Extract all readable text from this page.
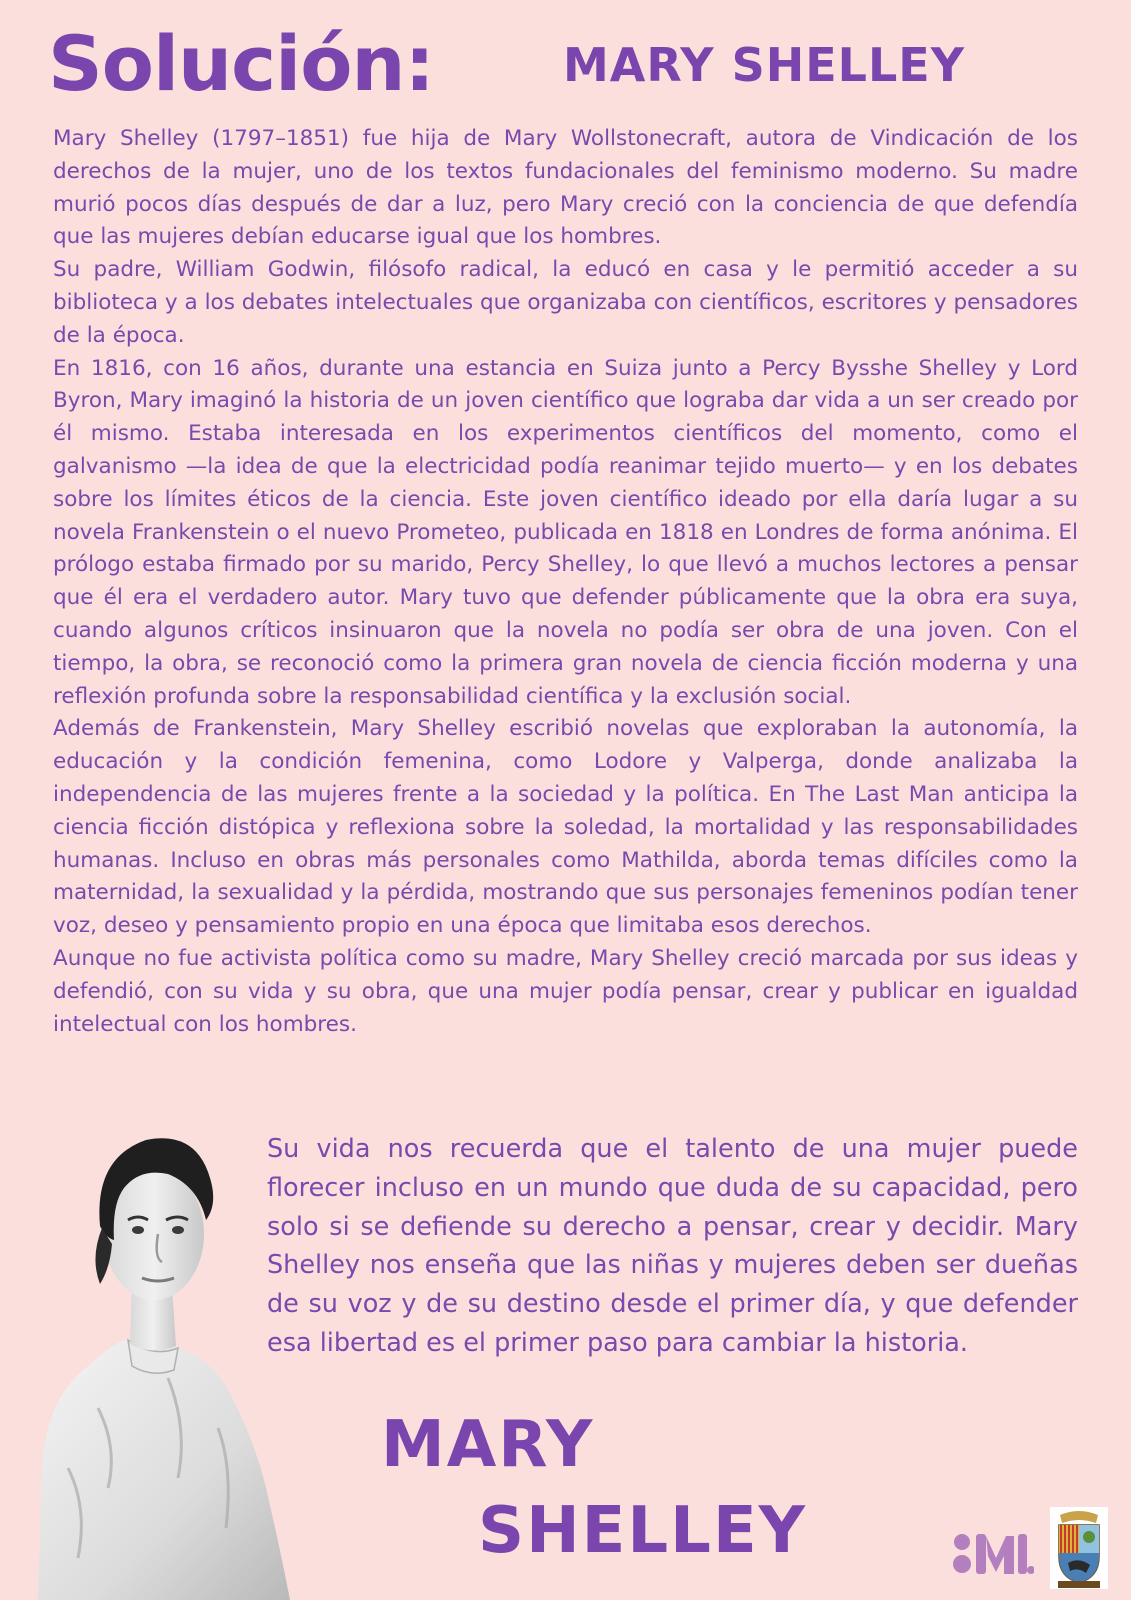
Solución:	MARY SHELLEY

Mary Shelley (1797–1851) fue hija de Mary Wollstonecraft, autora de Vindicación de los derechos de la mujer, uno de los textos fundacionales del feminismo moderno. Su madre murió pocos días después de dar a luz, pero Mary creció con la conciencia de que defendía que las mujeres debían educarse igual que los hombres.

Su padre, William Godwin, filósofo radical, la educó en casa y le permitió acceder a su biblioteca y a los debates intelectuales que organizaba con científicos, escritores y pensadores de la época.

En 1816, con 16 años, durante una estancia en Suiza junto a Percy Bysshe Shelley y Lord Byron, Mary imaginó la historia de un joven científico que lograba dar vida a un ser creado por él mismo. Estaba interesada en los experimentos científicos del momento, como el galvanismo —la idea de que la electricidad podía reanimar tejido muerto— y en los debates sobre los límites éticos de la ciencia. Este joven científico ideado por ella daría lugar a su novela Frankenstein o el nuevo Prometeo, publicada en 1818 en Londres de forma anónima. El prólogo estaba firmado por su marido, Percy Shelley, lo que llevó a muchos lectores a pensar que él era el verdadero autor. Mary tuvo que defender públicamente que la obra era suya, cuando algunos críticos insinuaron que la novela no podía ser obra de una joven. Con el tiempo, la obra, se reconoció como la primera gran novela de ciencia ficción moderna y una reflexión profunda sobre la responsabilidad científica y la exclusión social.

Además de Frankenstein, Mary Shelley escribió novelas que exploraban la autonomía, la educación y la condición femenina, como Lodore y Valperga, donde analizaba la independencia de las mujeres frente a la sociedad y la política. En The Last Man anticipa la ciencia ficción distópica y reflexiona sobre la soledad, la mortalidad y las responsabilidades humanas. Incluso en obras más personales como Mathilda, aborda temas difíciles como la maternidad, la sexualidad y la pérdida, mostrando que sus personajes femeninos podían tener voz, deseo y pensamiento propio en una época que limitaba esos derechos.

Aunque no fue activista política como su madre, Mary Shelley creció marcada por sus ideas y defendió, con su vida y su obra, que una mujer podía pensar, crear y publicar en igualdad intelectual con los hombres.

Su vida nos recuerda que el talento de una mujer puede florecer incluso en un mundo que duda de su capacidad, pero solo si se defiende su derecho a pensar, crear y decidir. Mary Shelley nos enseña que las niñas y mujeres deben ser dueñas de su voz y de su destino desde el primer día, y que defender esa libertad es el primer paso para cambiar la historia.

MARY
SHELLEY
